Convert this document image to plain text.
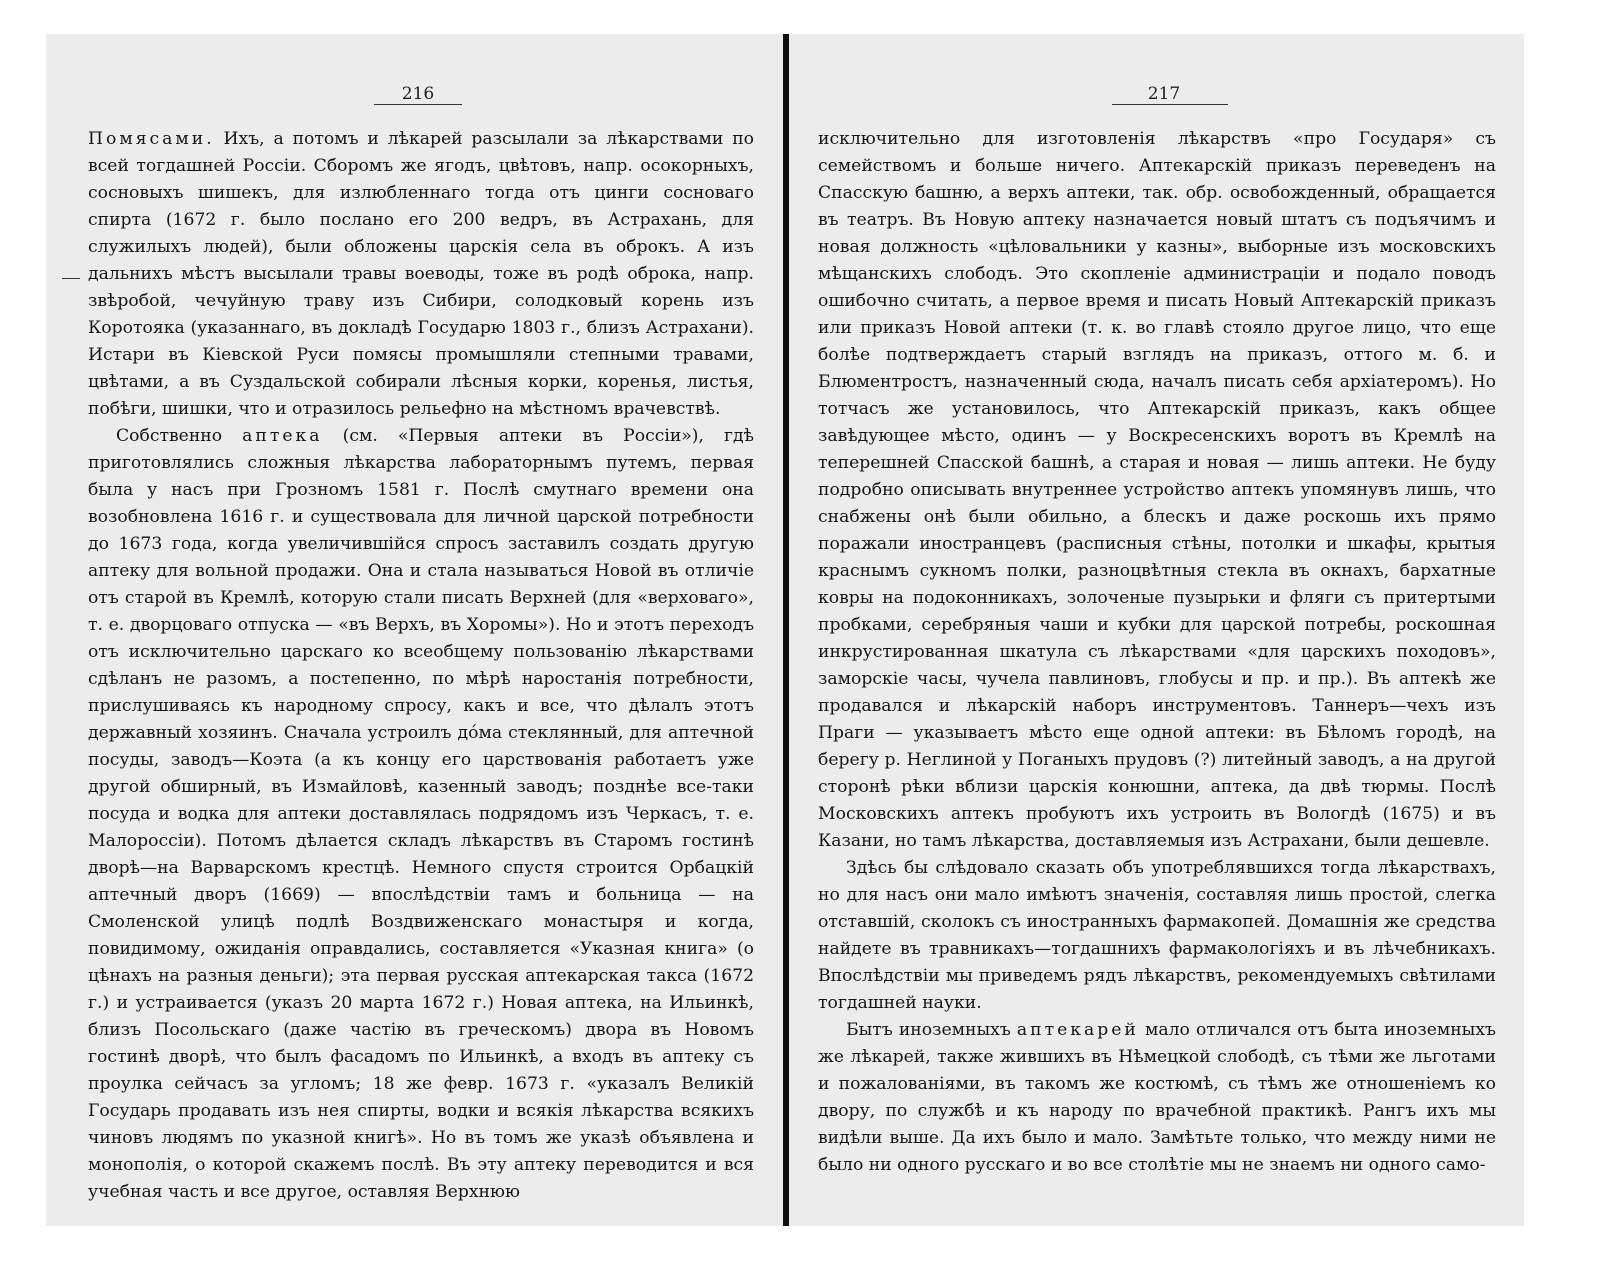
216

Помясами. Ихъ, а потомъ и лѣкарей разсылали за лѣкарствами по всей тогдашней Россіи. Сборомъ же ягодъ, цвѣтовъ, напр. осокорныхъ, сосновыхъ шишекъ, для излюбленнаго тогда отъ цинги сосноваго спирта (1672 г. было послано его 200 ведръ, въ Астрахань, для служилыхъ людей), были обложены царскія села въ оброкъ. А изъ дальнихъ мѣстъ высылали травы воеводы, тоже въ родѣ оброка, напр. звѣробой, чечуйную траву изъ Сибири, солодковый корень изъ Коротояка (указаннаго, въ докладѣ Государю 1803 г., близъ Астрахани). Истари въ Кіевской Руси помясы промышляли степными травами, цвѣтами, а въ Суздальской собирали лѣсныя корки, коренья, листья, побѣги, шишки, что и отразилось рельефно на мѣстномъ врачевствѣ.

Собственно аптека (см. «Первыя аптеки въ Россіи»), гдѣ приготовлялись сложныя лѣкарства лабораторнымъ путемъ, первая была у насъ при Грозномъ 1581 г. Послѣ смутнаго времени она возобновлена 1616 г. и существовала для личной царской потребности до 1673 года, когда увеличившійся спросъ заставилъ создать другую аптеку для вольной продажи. Она и стала называться Новой въ отличіе отъ старой въ Кремлѣ, которую стали писать Верхней (для «верховаго», т. е. дворцоваго отпуска — «въ Верхъ, въ Хоромы»). Но и этотъ переходъ отъ исключительно царскаго ко всеобщему пользованію лѣкарствами сдѣланъ не разомъ, а постепенно, по мѣрѣ наростанія потребности, прислушиваясь къ народному спросу, какъ и все, что дѣлалъ этотъ державный хозяинъ. Сначала устроилъ дóма стеклянный, для аптечной посуды, заводъ—Коэта (а къ концу его царствованія работаетъ уже другой обширный, въ Измайловѣ, казенный заводъ; позднѣе все-таки посуда и водка для аптеки доставлялась подрядомъ изъ Черкасъ, т. е. Малороссіи). Потомъ дѣлается складъ лѣкарствъ въ Старомъ гостинѣ дворѣ—на Варварскомъ крестцѣ. Немного спустя строится Орбацкій аптечный дворъ (1669) — впослѣдствіи тамъ и больница — на Смоленской улицѣ подлѣ Воздвиженскаго монастыря и когда, повидимому, ожиданія оправдались, составляется «Указная книга» (о цѣнахъ на разныя деньги); эта первая русская аптекарская такса (1672 г.) и устраивается (указъ 20 марта 1672 г.) Новая аптека, на Ильинкѣ, близъ Посольскаго (даже частію въ греческомъ) двора въ Новомъ гостинѣ дворѣ, что былъ фасадомъ по Ильинкѣ, а входъ въ аптеку съ проулка сейчасъ за угломъ; 18 же февр. 1673 г. «указалъ Великій Государь продавать изъ нея спирты, водки и всякія лѣкарства всякихъ чиновъ людямъ по указной книгѣ». Но въ томъ же указѣ объявлена и монополія, о которой скажемъ послѣ. Въ эту аптеку переводится и вся учебная часть и все другое, оставляя Верхнюю

217

исключительно для изготовленія лѣкарствъ «про Государя» съ семействомъ и больше ничего. Аптекарскій приказъ переведенъ на Спасскую башню, а верхъ аптеки, так. обр. освобожденный, обращается въ театръ. Въ Новую аптеку назначается новый штатъ съ подъячимъ и новая должность «цѣловальники у казны», выборные изъ московскихъ мѣщанскихъ слободъ. Это скопленіе администраціи и подало поводъ ошибочно считать, а первое время и писать Новый Аптекарскій приказъ или приказъ Новой аптеки (т. к. во главѣ стояло другое лицо, что еще болѣе подтверждаетъ старый взглядъ на приказъ, оттого м. б. и Блюментростъ, назначенный сюда, началъ писать себя архіатеромъ). Но тотчасъ же установилось, что Аптекарскій приказъ, какъ общее завѣдующее мѣсто, одинъ — у Воскресенскихъ воротъ въ Кремлѣ на теперешней Спасской башнѣ, а старая и новая — лишь аптеки. Не буду подробно описывать внутреннее устройство аптекъ упомянувъ лишь, что снабжены онѣ были обильно, а блескъ и даже роскошь ихъ прямо поражали иностранцевъ (расписныя стѣны, потолки и шкафы, крытыя краснымъ сукномъ полки, разноцвѣтныя стекла въ окнахъ, бархатные ковры на подоконникахъ, золоченые пузырьки и фляги съ притертыми пробками, серебряныя чаши и кубки для царской потребы, роскошная инкрустированная шкатула съ лѣкарствами «для царскихъ походовъ», заморскіе часы, чучела павлиновъ, глобусы и пр. и пр.). Въ аптекѣ же продавался и лѣкарскій наборъ инструментовъ. Таннеръ—чехъ изъ Праги — указываетъ мѣсто еще одной аптеки: въ Бѣломъ городѣ, на берегу р. Неглиной у Поганыхъ прудовъ (?) литейный заводъ, а на другой сторонѣ рѣки вблизи царскія конюшни, аптека, да двѣ тюрмы. Послѣ Московскихъ аптекъ пробуютъ ихъ устроить въ Вологдѣ (1675) и въ Казани, но тамъ лѣкарства, доставляемыя изъ Астрахани, были дешевле.

Здѣсь бы слѣдовало сказать объ употреблявшихся тогда лѣкарствахъ, но для насъ они мало имѣютъ значенія, составляя лишь простой, слегка отставшій, сколокъ съ иностранныхъ фармакопей. Домашнія же средства найдете въ травникахъ—тогдашнихъ фармакологіяхъ и въ лѣчебникахъ. Впослѣдствіи мы приведемъ рядъ лѣкарствъ, рекомендуемыхъ свѣтилами тогдашней науки.

Бытъ иноземныхъ аптекарей мало отличался отъ быта иноземныхъ же лѣкарей, также жившихъ въ Нѣмецкой слободѣ, съ тѣми же льготами и пожалованіями, въ такомъ же костюмѣ, съ тѣмъ же отношеніемъ ко двору, по службѣ и къ народу по врачебной практикѣ. Рангъ ихъ мы видѣли выше. Да ихъ было и мало. Замѣтьте только, что между ними не было ни одного русскаго и во все столѣтіе мы не знаемъ ни одного само-
